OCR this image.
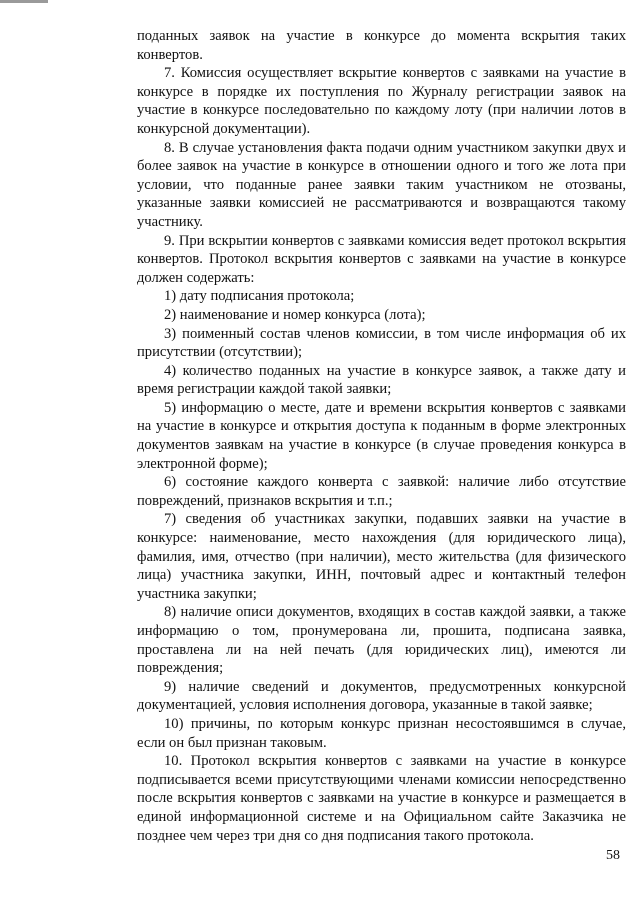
поданных заявок на участие в конкурсе до момента вскрытия таких конвертов.

7. Комиссия осуществляет вскрытие конвертов с заявками на участие в конкурсе в порядке их поступления по Журналу регистрации заявок на участие в конкурсе последовательно по каждому лоту (при наличии лотов в конкурсной документации).

8. В случае установления факта подачи одним участником закупки двух и более заявок на участие в конкурсе в отношении одного и того же лота при условии, что поданные ранее заявки таким участником не отозваны, указанные заявки комиссией не рассматриваются и возвращаются такому участнику.

9. При вскрытии конвертов с заявками комиссия ведет протокол вскрытия конвертов. Протокол вскрытия конвертов с заявками на участие в конкурсе должен содержать:

1) дату подписания протокола;

2) наименование и номер конкурса (лота);

3) поименный состав членов комиссии, в том числе информация об их присутствии (отсутствии);

4) количество поданных на участие в конкурсе заявок, а также дату и время регистрации каждой такой заявки;

5) информацию о месте, дате и времени вскрытия конвертов с заявками на участие в конкурсе и открытия доступа к поданным в форме электронных документов заявкам на участие в конкурсе (в случае проведения конкурса в электронной форме);

6) состояние каждого конверта с заявкой: наличие либо отсутствие повреждений, признаков вскрытия и т.п.;

7) сведения об участниках закупки, подавших заявки на участие в конкурсе: наименование, место нахождения (для юридического лица), фамилия, имя, отчество (при наличии), место жительства (для физического лица) участника закупки, ИНН, почтовый адрес и контактный телефон участника закупки;

8) наличие описи документов, входящих в состав каждой заявки, а также информацию о том, пронумерована ли, прошита, подписана заявка, проставлена ли на ней печать (для юридических лиц), имеются ли повреждения;

9) наличие сведений и документов, предусмотренных конкурсной документацией, условия исполнения договора, указанные в такой заявке;

10) причины, по которым конкурс признан несостоявшимся в случае, если он был признан таковым.

10. Протокол вскрытия конвертов с заявками на участие в конкурсе подписывается всеми присутствующими членами комиссии непосредственно после вскрытия конвертов с заявками на участие в конкурсе и размещается в единой информационной системе и на Официальном сайте Заказчика не позднее чем через три дня со дня подписания такого протокола.

58
